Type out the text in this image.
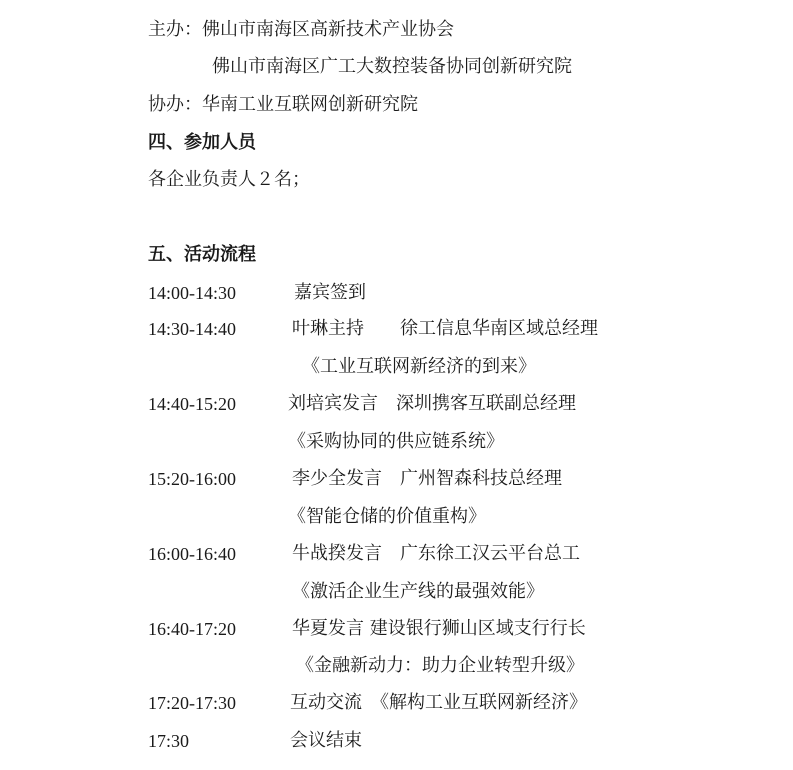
主办：佛山市南海区高新技术产业协会
佛山市南海区广工大数控装备协同创新研究院
协办：华南工业互联网创新研究院
四、参加人员
各企业负责人２名；
五、活动流程
14:00-14:30	嘉宾签到
14:30-14:40	叶琳主持　　徐工信息华南区域总经理
《工业互联网新经济的到来》
14:40-15:20	刘培宾发言　深圳携客互联副总经理
《采购协同的供应链系统》
15:20-16:00	李少全发言　广州智森科技总经理
《智能仓储的价值重构》
16:00-16:40	牛战揆发言　广东徐工汉云平台总工
《激活企业生产线的最强效能》
16:40-17:20	华夏发言 建设银行狮山区域支行行长
《金融新动力：助力企业转型升级》
17:20-17:30	互动交流　《解构工业互联网新经济》
17:30	会议结束
